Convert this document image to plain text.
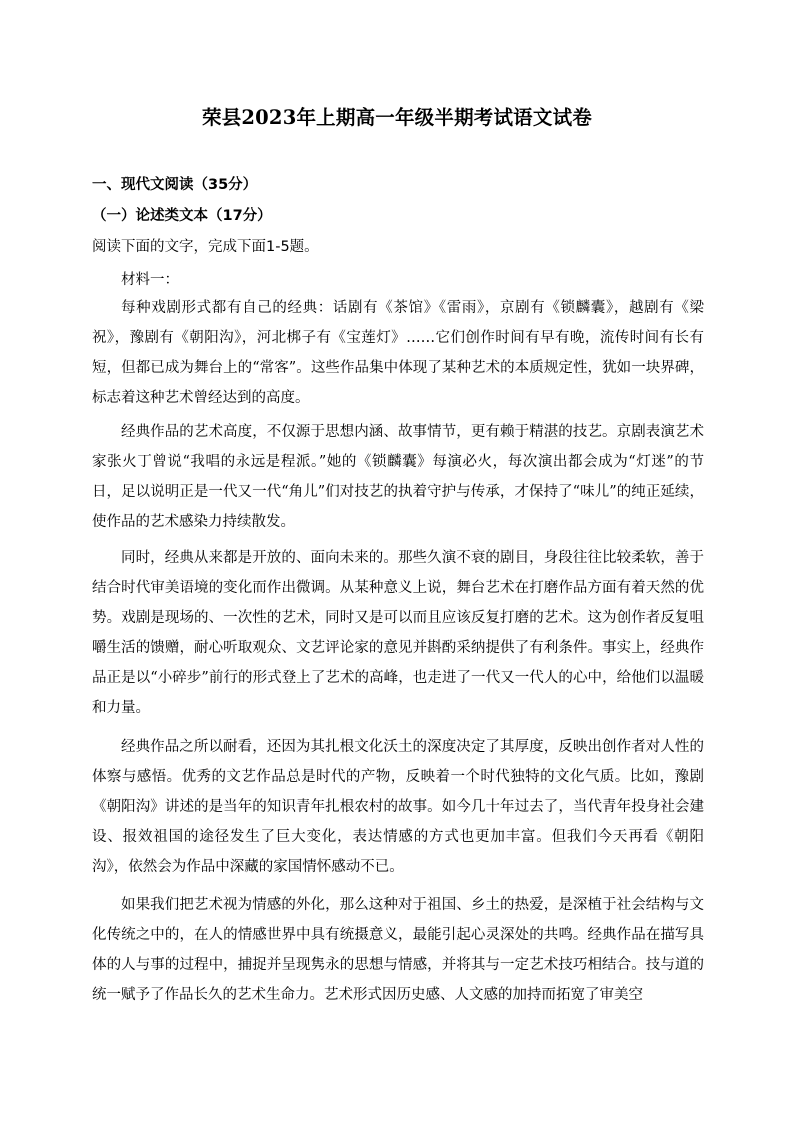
荣县2023年上期高一年级半期考试语文试卷
一、现代文阅读（35分）
（一）论述类文本（17分）
阅读下面的文字，完成下面1-5题。
材料一：

每种戏剧形式都有自己的经典：话剧有《茶馆》《雷雨》，京剧有《锁麟囊》，越剧有《梁祝》，豫剧有《朝阳沟》，河北梆子有《宝莲灯》……它们创作时间有早有晚，流传时间有长有短，但都已成为舞台上的“常客”。这些作品集中体现了某种艺术的本质规定性，犹如一块界碑，标志着这种艺术曾经达到的高度。

经典作品的艺术高度，不仅源于思想内涵、故事情节，更有赖于精湛的技艺。京剧表演艺术家张火丁曾说“我唱的永远是程派。”她的《锁麟囊》每演必火，每次演出都会成为“灯迷”的节日，足以说明正是一代又一代“角儿”们对技艺的执着守护与传承，才保持了“味儿”的纯正延续，使作品的艺术感染力持续散发。

同时，经典从来都是开放的、面向未来的。那些久演不衰的剧目，身段往往比较柔软，善于结合时代审美语境的变化而作出微调。从某种意义上说，舞台艺术在打磨作品方面有着天然的优势。戏剧是现场的、一次性的艺术，同时又是可以而且应该反复打磨的艺术。这为创作者反复咀嚼生活的馈赠，耐心听取观众、文艺评论家的意见并斟酌采纳提供了有利条件。事实上，经典作品正是以“小碎步”前行的形式登上了艺术的高峰，也走进了一代又一代人的心中，给他们以温暖和力量。

经典作品之所以耐看，还因为其扎根文化沃土的深度决定了其厚度，反映出创作者对人性的体察与感悟。优秀的文艺作品总是时代的产物，反映着一个时代独特的文化气质。比如，豫剧《朝阳沟》讲述的是当年的知识青年扎根农村的故事。如今几十年过去了，当代青年投身社会建设、报效祖国的途径发生了巨大变化，表达情感的方式也更加丰富。但我们今天再看《朝阳沟》，依然会为作品中深藏的家国情怀感动不已。

如果我们把艺术视为情感的外化，那么这种对于祖国、乡土的热爱，是深植于社会结构与文化传统之中的，在人的情感世界中具有统摄意义，最能引起心灵深处的共鸣。经典作品在描写具体的人与事的过程中，捕捉并呈现隽永的思想与情感，并将其与一定艺术技巧相结合。技与道的统一赋予了作品长久的艺术生命力。艺术形式因历史感、人文感的加持而拓宽了审美空
